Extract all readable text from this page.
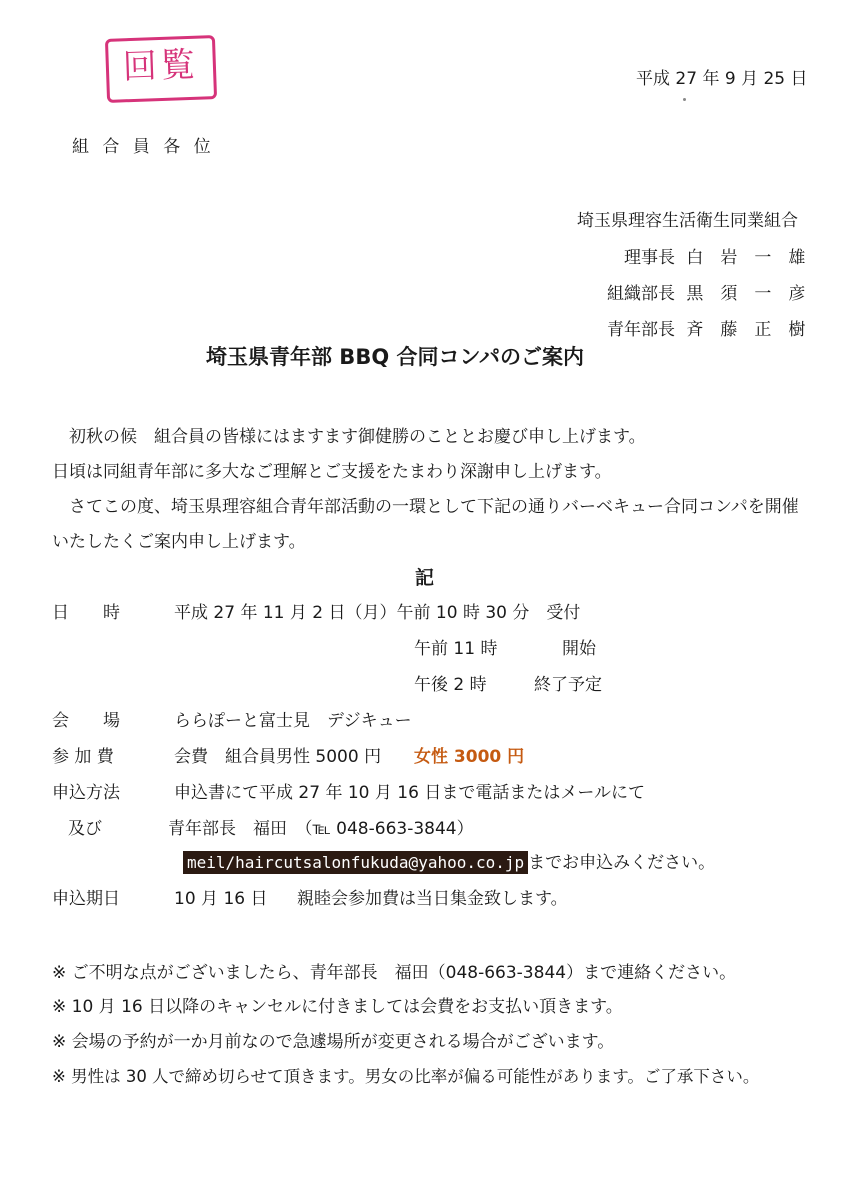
回覧	平成 27 年 9 月 25 日
組 合 員 各 位
埼玉県理容生活衛生同業組合
理事長 白　岩　一　雄
組織部長 黒　須　一　彦
青年部長 斉　藤　正　樹
埼玉県青年部 BBQ 合同コンパのご案内
初秋の候　組合員の皆様にはますます御健勝のこととお慶び申し上げます。
日頃は同組青年部に多大なご理解とご支援をたまわり深謝申し上げます。
さてこの度、埼玉県理容組合青年部活動の一環として下記の通りバーベキュー合同コンパを開催
いたしたくご案内申し上げます。
記
日　　時	平成 27 年 11 月 2 日（月）午前 10 時 30 分　受付
午前 11 時	開始
午後 2 時	終了予定
会　　場	ららぽーと富士見　デジキュー
参 加 費	会費　組合員男性 5000 円 女性 3000 円
申込方法	申込書にて平成 27 年 10 月 16 日まで電話またはメールにて
及び	青年部長　福田　（℡ 048-663-3844）
meil/haircutsalonfukuda@yahoo.co.jp までお申込みください。
申込期日	10 月 16 日 親睦会参加費は当日集金致します。
※ ご不明な点がございましたら、青年部長　福田（048-663-3844）まで連絡ください。
※ 10 月 16 日以降のキャンセルに付きましては会費をお支払い頂きます。
※ 会場の予約が一か月前なので急遽場所が変更される場合がございます。
※ 男性は 30 人で締め切らせて頂きます。男女の比率が偏る可能性があります。ご了承下さい。
